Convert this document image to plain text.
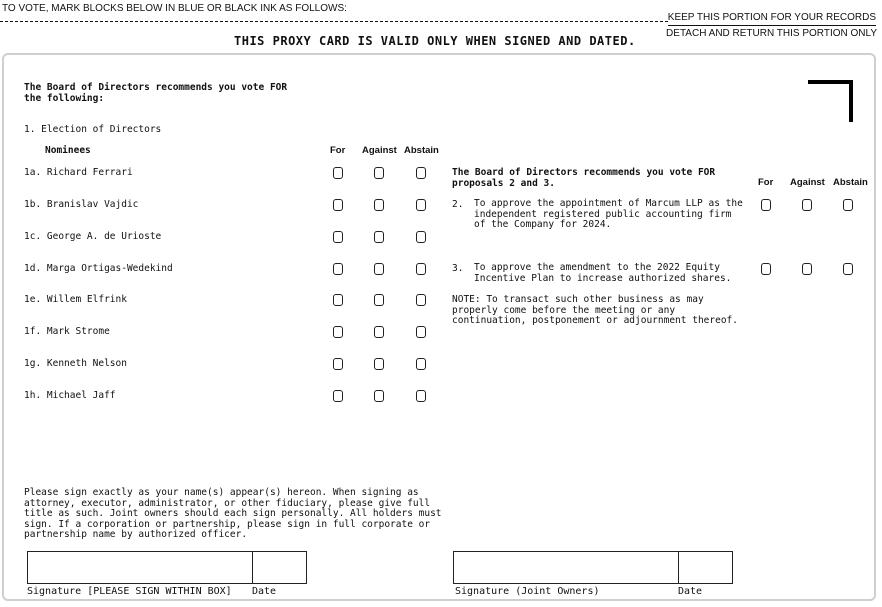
TO VOTE, MARK BLOCKS BELOW IN BLUE OR BLACK INK AS FOLLOWS:
KEEP THIS PORTION FOR YOUR RECORDS
THIS PROXY CARD IS VALID ONLY WHEN SIGNED AND DATED.
DETACH AND RETURN THIS PORTION ONLY
The Board of Directors recommends you vote FOR
the following:
1. Election of Directors
Nominees	For Against Abstain
1a. Richard Ferrari
1b. Branislav Vajdic
1c. George A. de Urioste
1d. Marga Ortigas-Wedekind
1e. Willem Elfrink
1f. Mark Strome
1g. Kenneth Nelson
1h. Michael Jaff
The Board of Directors recommends you vote FOR
proposals 2 and 3.	For Against Abstain
2. To approve the appointment of Marcum LLP as the
independent registered public accounting firm
of the Company for 2024.
3. To approve the amendment to the 2022 Equity
Incentive Plan to increase authorized shares.
NOTE: To transact such other business as may
properly come before the meeting or any
continuation, postponement or adjournment thereof.
Please sign exactly as your name(s) appear(s) hereon. When signing as
attorney, executor, administrator, or other fiduciary, please give full
title as such. Joint owners should each sign personally. All holders must
sign. If a corporation or partnership, please sign in full corporate or
partnership name by authorized officer.
Signature [PLEASE SIGN WITHIN BOX] Date	Signature (Joint Owners)	Date
